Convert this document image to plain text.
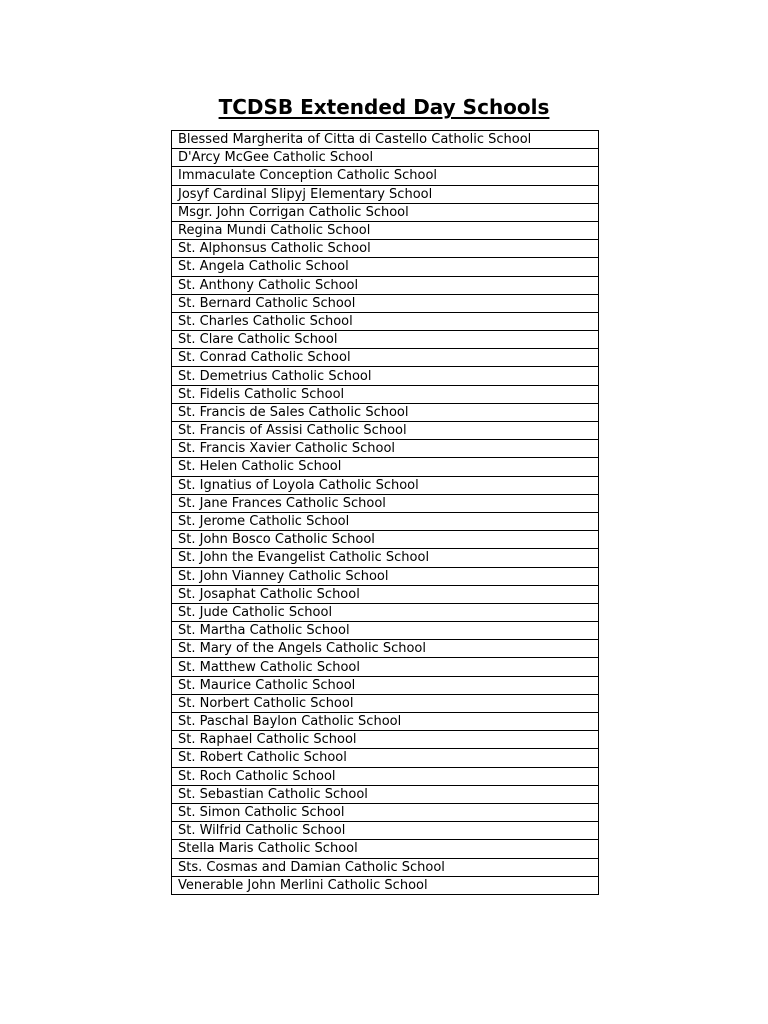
TCDSB Extended Day Schools
Blessed Margherita of Citta di Castello Catholic School
D'Arcy McGee Catholic School
Immaculate Conception Catholic School
Josyf Cardinal Slipyj Elementary School
Msgr. John Corrigan Catholic School
Regina Mundi Catholic School
St. Alphonsus Catholic School
St. Angela Catholic School
St. Anthony Catholic School
St. Bernard Catholic School
St. Charles Catholic School
St. Clare Catholic School
St. Conrad Catholic School
St. Demetrius Catholic School
St. Fidelis Catholic School
St. Francis de Sales Catholic School
St. Francis of Assisi Catholic School
St. Francis Xavier Catholic School
St. Helen Catholic School
St. Ignatius of Loyola Catholic School
St. Jane Frances Catholic School
St. Jerome Catholic School
St. John Bosco Catholic School
St. John the Evangelist Catholic School
St. John Vianney Catholic School
St. Josaphat Catholic School
St. Jude Catholic School
St. Martha Catholic School
St. Mary of the Angels Catholic School
St. Matthew Catholic School
St. Maurice Catholic School
St. Norbert Catholic School
St. Paschal Baylon Catholic School
St. Raphael Catholic School
St. Robert Catholic School
St. Roch Catholic School
St. Sebastian Catholic School
St. Simon Catholic School
St. Wilfrid Catholic School
Stella Maris Catholic School
Sts. Cosmas and Damian Catholic School
Venerable John Merlini Catholic School
